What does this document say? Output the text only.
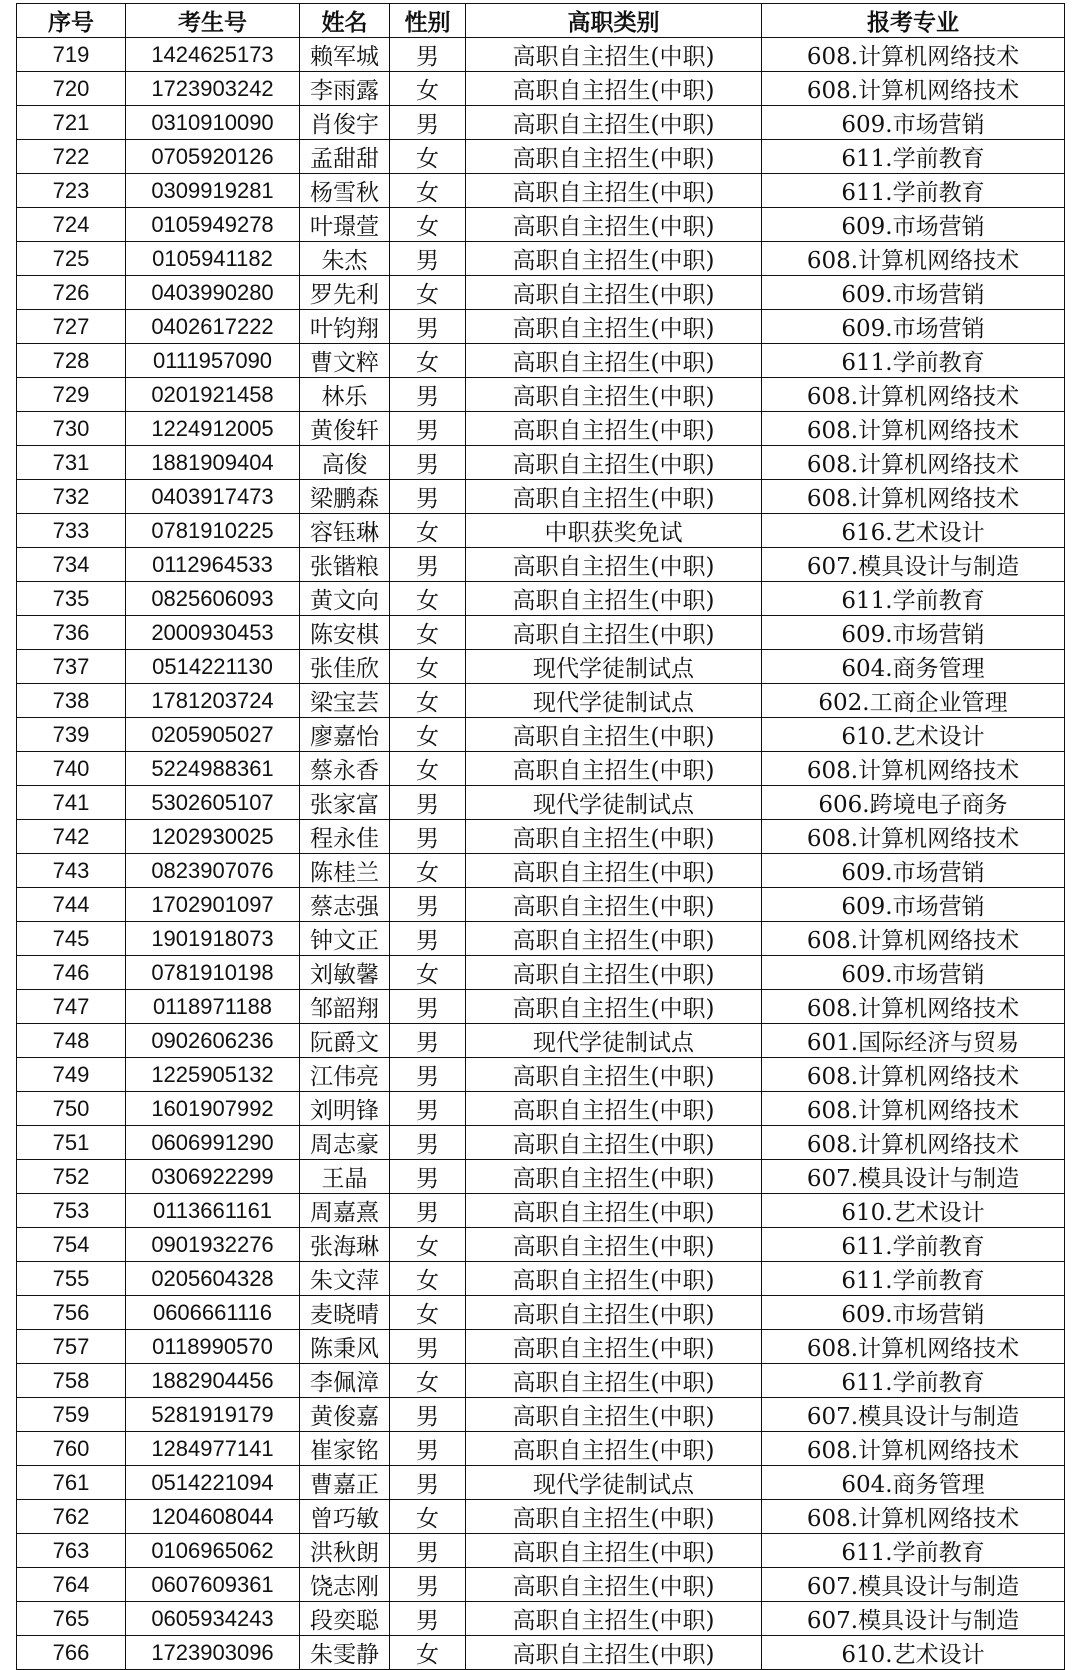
序号	考生号	姓名	性别	高职类别	报考专业
719	1424625173	赖军城	男	高职自主招生(中职)	608.计算机网络技术
720	1723903242	李雨露	女	高职自主招生(中职)	608.计算机网络技术
721	0310910090	肖俊宇	男	高职自主招生(中职)	609.市场营销
722	0705920126	孟甜甜	女	高职自主招生(中职)	611.学前教育
723	0309919281	杨雪秋	女	高职自主招生(中职)	611.学前教育
724	0105949278	叶璟萱	女	高职自主招生(中职)	609.市场营销
725	0105941182	朱杰	男	高职自主招生(中职)	608.计算机网络技术
726	0403990280	罗先利	女	高职自主招生(中职)	609.市场营销
727	0402617222	叶钧翔	男	高职自主招生(中职)	609.市场营销
728	0111957090	曹文粹	女	高职自主招生(中职)	611.学前教育
729	0201921458	林乐	男	高职自主招生(中职)	608.计算机网络技术
730	1224912005	黄俊轩	男	高职自主招生(中职)	608.计算机网络技术
731	1881909404	高俊	男	高职自主招生(中职)	608.计算机网络技术
732	0403917473	梁鹏森	男	高职自主招生(中职)	608.计算机网络技术
733	0781910225	容钰琳	女	中职获奖免试	616.艺术设计
734	0112964533	张锴粮	男	高职自主招生(中职)	607.模具设计与制造
735	0825606093	黄文向	女	高职自主招生(中职)	611.学前教育
736	2000930453	陈安棋	女	高职自主招生(中职)	609.市场营销
737	0514221130	张佳欣	女	现代学徒制试点	604.商务管理
738	1781203724	梁宝芸	女	现代学徒制试点	602.工商企业管理
739	0205905027	廖嘉怡	女	高职自主招生(中职)	610.艺术设计
740	5224988361	蔡永香	女	高职自主招生(中职)	608.计算机网络技术
741	5302605107	张家富	男	现代学徒制试点	606.跨境电子商务
742	1202930025	程永佳	男	高职自主招生(中职)	608.计算机网络技术
743	0823907076	陈桂兰	女	高职自主招生(中职)	609.市场营销
744	1702901097	蔡志强	男	高职自主招生(中职)	609.市场营销
745	1901918073	钟文正	男	高职自主招生(中职)	608.计算机网络技术
746	0781910198	刘敏馨	女	高职自主招生(中职)	609.市场营销
747	0118971188	邹韶翔	男	高职自主招生(中职)	608.计算机网络技术
748	0902606236	阮爵文	男	现代学徒制试点	601.国际经济与贸易
749	1225905132	江伟亮	男	高职自主招生(中职)	608.计算机网络技术
750	1601907992	刘明锋	男	高职自主招生(中职)	608.计算机网络技术
751	0606991290	周志豪	男	高职自主招生(中职)	608.计算机网络技术
752	0306922299	王晶	男	高职自主招生(中职)	607.模具设计与制造
753	0113661161	周嘉熹	男	高职自主招生(中职)	610.艺术设计
754	0901932276	张海琳	女	高职自主招生(中职)	611.学前教育
755	0205604328	朱文萍	女	高职自主招生(中职)	611.学前教育
756	0606661116	麦晓晴	女	高职自主招生(中职)	609.市场营销
757	0118990570	陈秉风	男	高职自主招生(中职)	608.计算机网络技术
758	1882904456	李佩漳	女	高职自主招生(中职)	611.学前教育
759	5281919179	黄俊嘉	男	高职自主招生(中职)	607.模具设计与制造
760	1284977141	崔家铭	男	高职自主招生(中职)	608.计算机网络技术
761	0514221094	曹嘉正	男	现代学徒制试点	604.商务管理
762	1204608044	曾巧敏	女	高职自主招生(中职)	608.计算机网络技术
763	0106965062	洪秋朗	男	高职自主招生(中职)	611.学前教育
764	0607609361	饶志刚	男	高职自主招生(中职)	607.模具设计与制造
765	0605934243	段奕聪	男	高职自主招生(中职)	607.模具设计与制造
766	1723903096	朱雯静	女	高职自主招生(中职)	610.艺术设计
